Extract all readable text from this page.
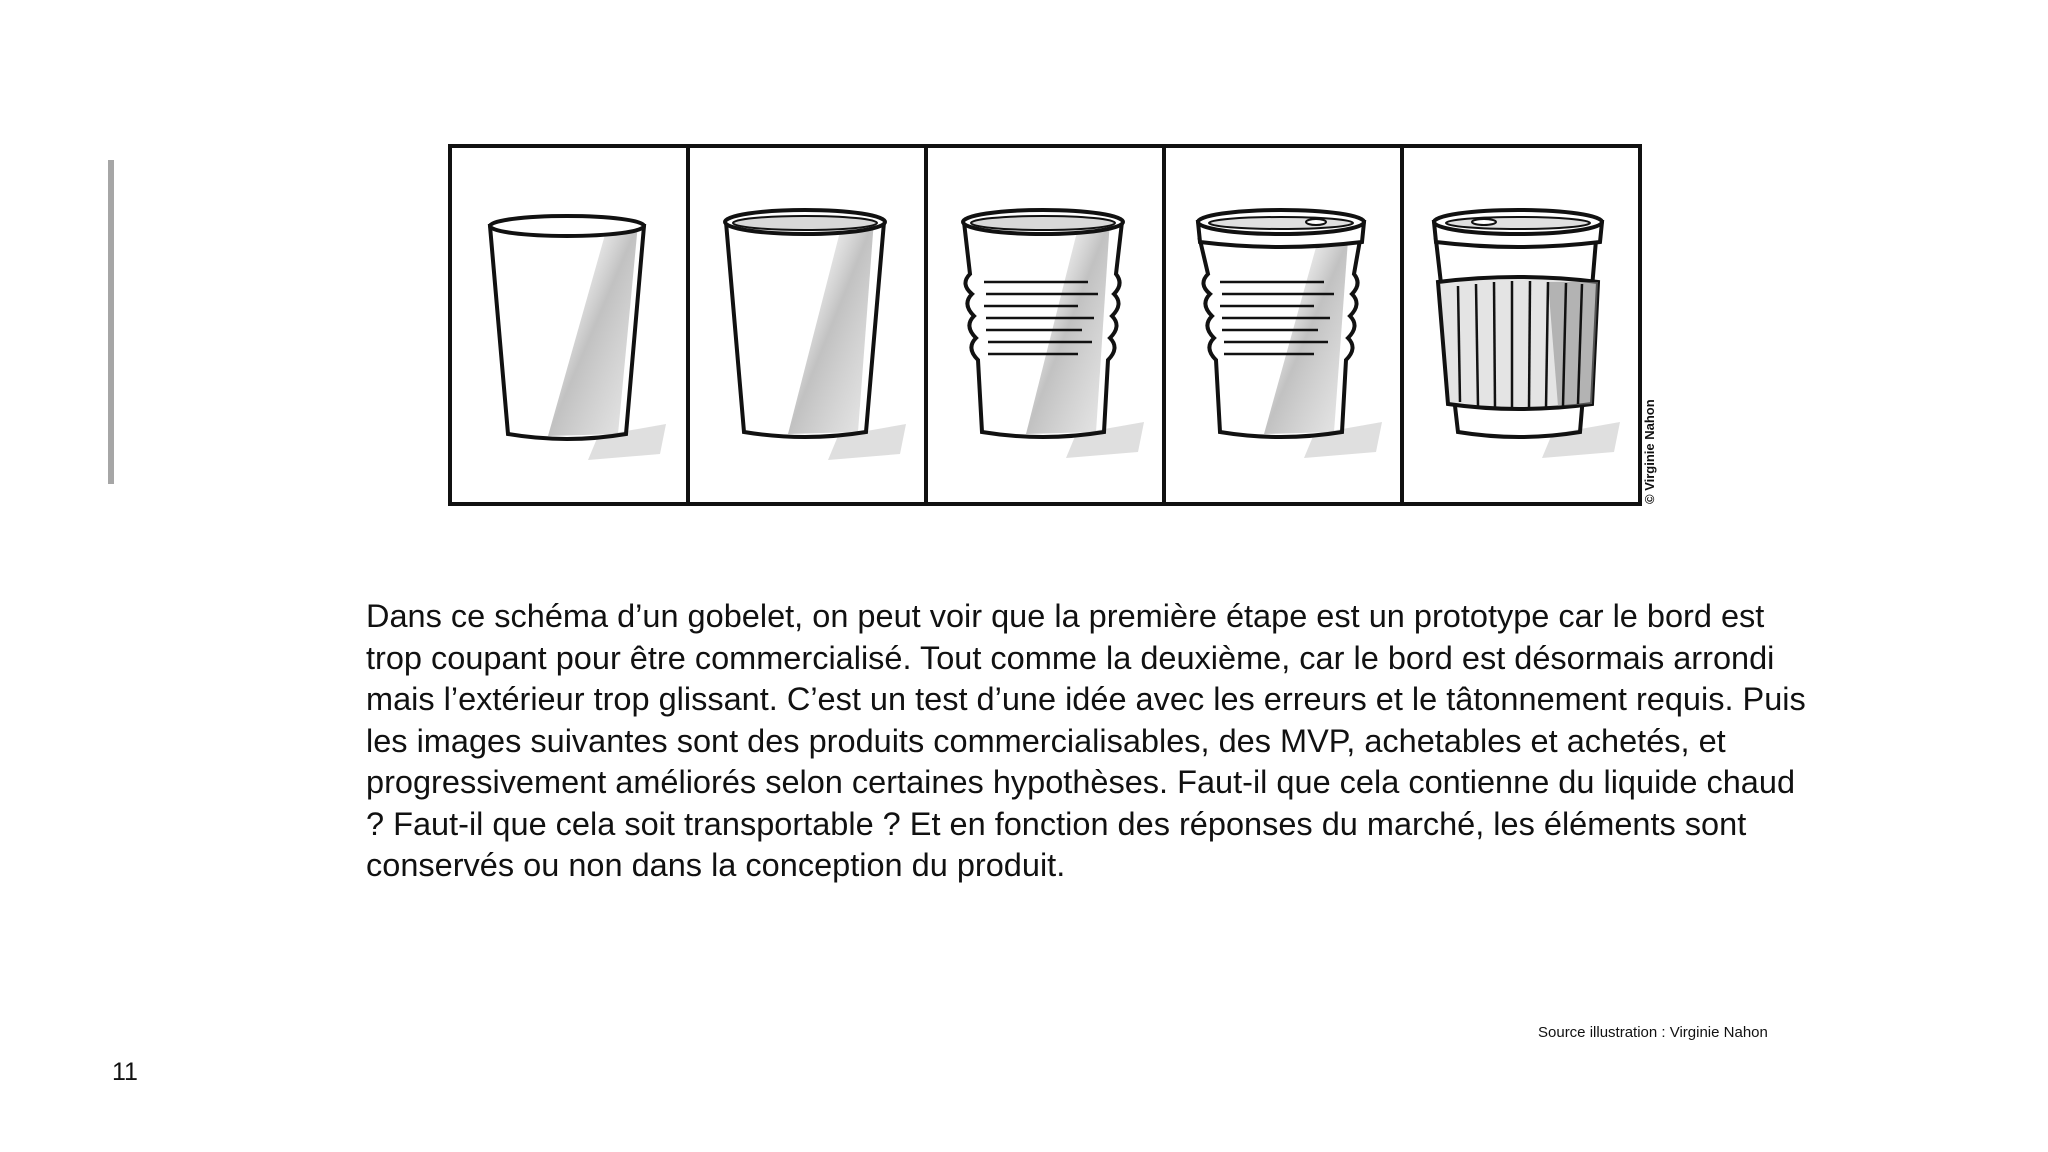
© Virginie Nahon

Dans ce schéma d’un gobelet, on peut voir que la première étape est un prototype car le bord est trop coupant pour être commercialisé. Tout comme la deuxième, car le bord est désormais arrondi mais l’extérieur trop glissant. C’est un test d’une idée avec les erreurs et le tâtonnement requis. Puis les images suivantes sont des produits commercialisables, des MVP, achetables et achetés, et progressivement améliorés selon certaines hypothèses. Faut-il que cela contienne du liquide chaud ? Faut-il que cela soit transportable ? Et en fonction des réponses du marché, les éléments sont conservés ou non dans la conception du produit.

Source illustration : Virginie Nahon
11
